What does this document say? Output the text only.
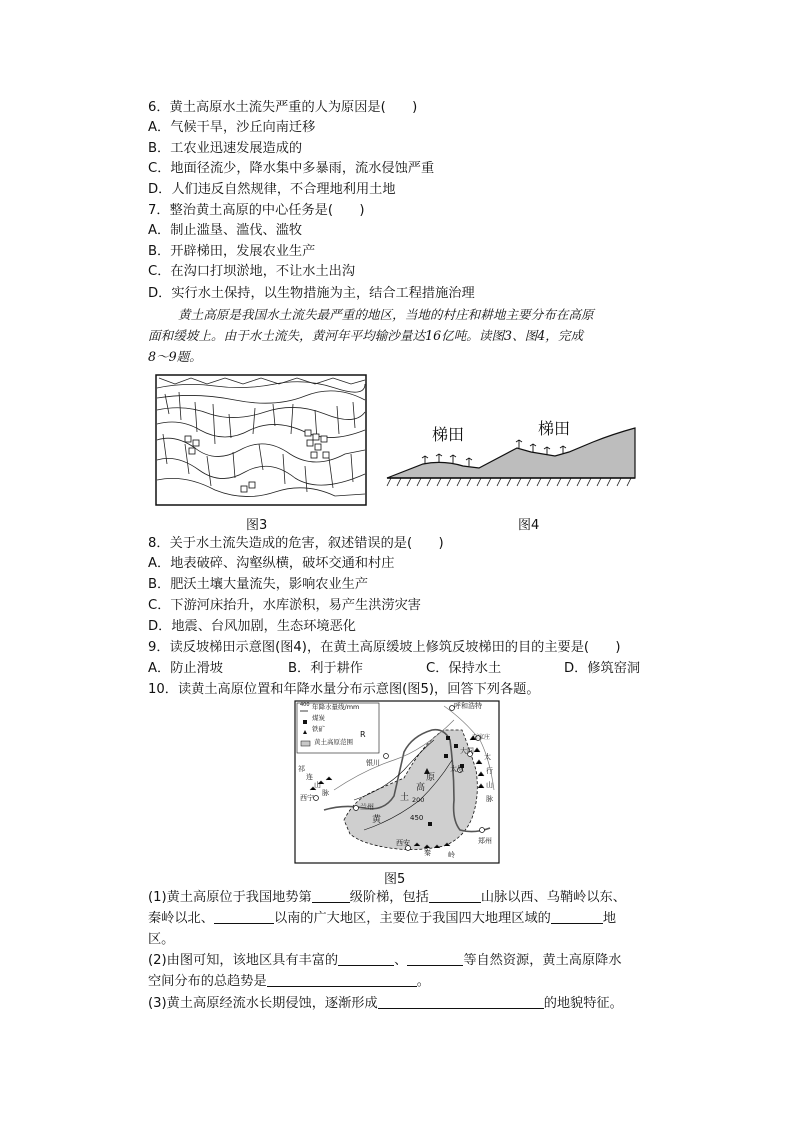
6．黄土高原水土流失严重的人为原因是(　　)
A．气候干旱，沙丘向南迁移
B．工农业迅速发展造成的
C．地面径流少，降水集中多暴雨，流水侵蚀严重
D．人们违反自然规律，不合理地利用土地
7．整治黄土高原的中心任务是(　　)
A．制止滥垦、滥伐、滥牧
B．开辟梯田，发展农业生产
C．在沟口打坝淤地，不让水土出沟
D．实行水土保持，以生物措施为主，结合工程措施治理
黄土高原是我国水土流失最严重的地区，当地的村庄和耕地主要分布在高原
面和缓坡上。由于水土流失，黄河年平均输沙量达16亿吨。读图3、图4，完成
8～9题。
图3
梯田	梯田
图4
8．关于水土流失造成的危害，叙述错误的是(　　)
A．地表破碎、沟壑纵横，破坏交通和村庄
B．肥沃土壤大量流失，影响农业生产
C．下游河床抬升，水库淤积，易产生洪涝灾害
D．地震、台风加剧，生态环境恶化
9．读反坡梯田示意图(图4)，在黄土高原缓坡上修筑反坡梯田的目的主要是(　　)
A．防止滑坡	B．利于耕作	C．保持水土	D．修筑窑洞
10．读黄土高原位置和年降水量分布示意图(图5)，回答下列各题。
年降水量线/mm
400
煤炭
铁矿
黄土高原范围
呼和浩特
银川
R
祁
连
山
脉
西宁
兰州
黄
土
高
原
200
450
西安	郑州
秦 岭
太原
大同
石家庄
太
行
山
脉
图5
(1)黄土高原位于我国地势第	级阶梯，包括	山脉以西、乌鞘岭以东、
秦岭以北、	以南的广大地区，主要位于我国四大地理区域的	地
区。
(2)由图可知，该地区具有丰富的	、	等自然资源，黄土高原降水
空间分布的总趋势是	。
(3)黄土高原经流水长期侵蚀，逐渐形成	的地貌特征。
